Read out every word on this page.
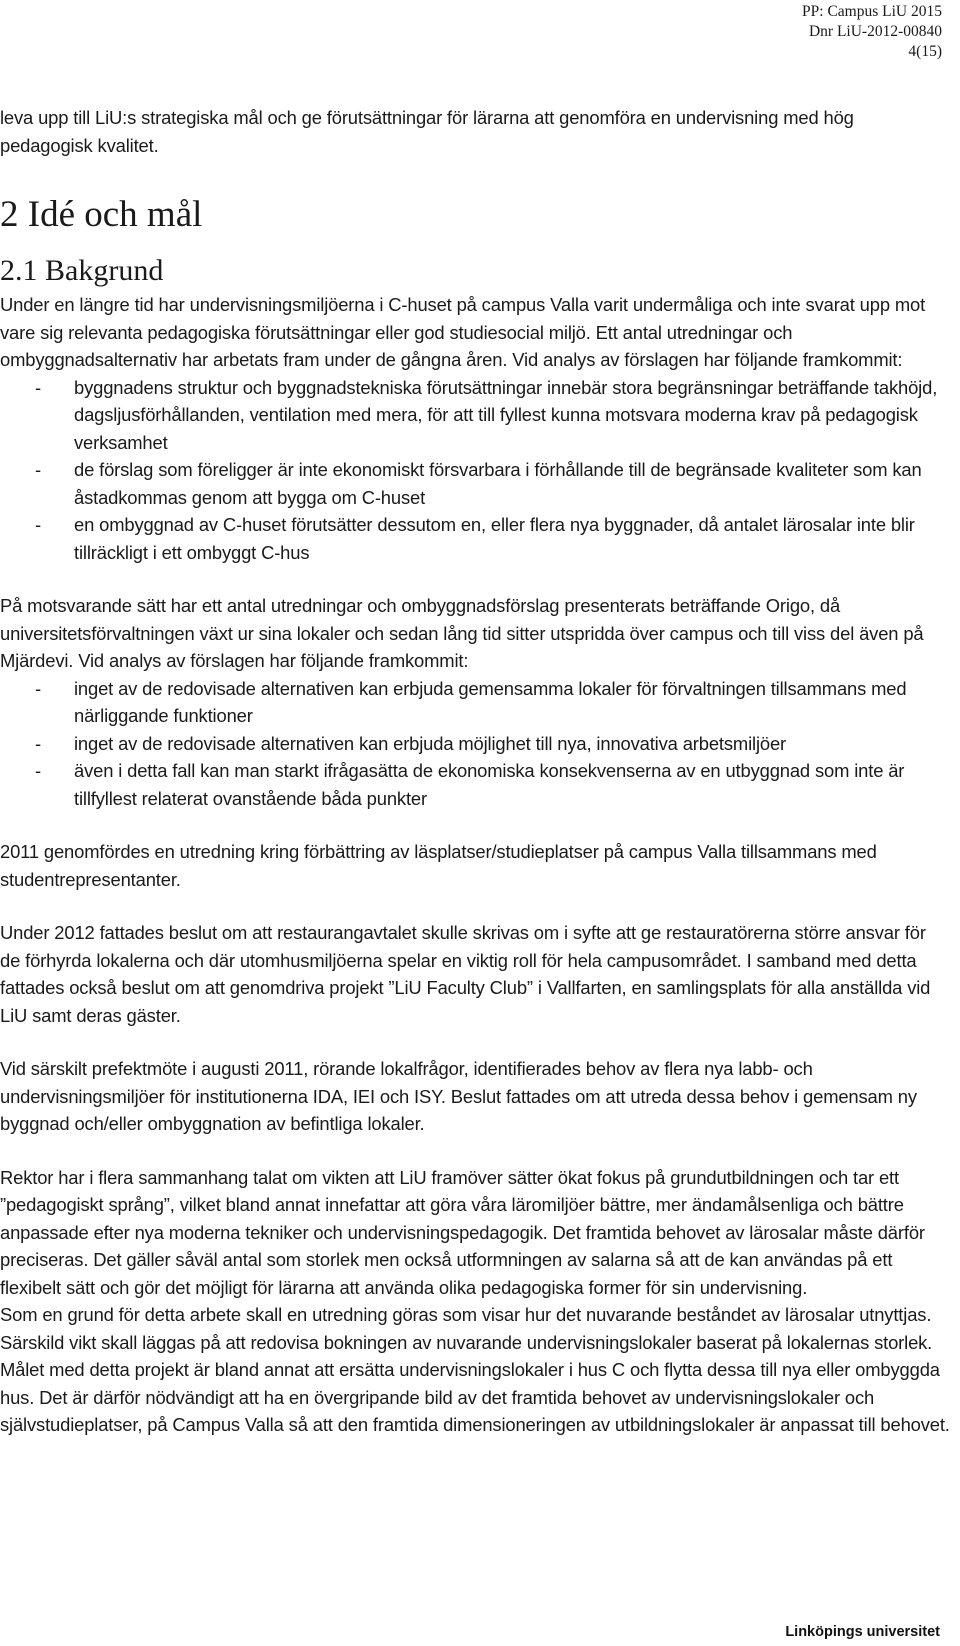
PP: Campus LiU 2015
Dnr LiU-2012-00840
4(15)

leva upp till LiU:s strategiska mål och ge förutsättningar för lärarna att genomföra en undervisning med hög pedagogisk kvalitet.

2 Idé och mål
2.1 Bakgrund

Under en längre tid har undervisningsmiljöerna i C-huset på campus Valla varit undermåliga och inte svarat upp mot vare sig relevanta pedagogiska förutsättningar eller god studiesocial miljö. Ett antal utredningar och ombyggnadsalternativ har arbetats fram under de gångna åren. Vid analys av förslagen har följande framkommit:

- byggnadens struktur och byggnadstekniska förutsättningar innebär stora begränsningar beträffande takhöjd, dagsljusförhållanden, ventilation med mera, för att till fyllest kunna motsvara moderna krav på pedagogisk verksamhet
- de förslag som föreligger är inte ekonomiskt försvarbara i förhållande till de begränsade kvaliteter som kan åstadkommas genom att bygga om C-huset
- en ombyggnad av C-huset förutsätter dessutom en, eller flera nya byggnader, då antalet lärosalar inte blir tillräckligt i ett ombyggt C-hus

På motsvarande sätt har ett antal utredningar och ombyggnadsförslag presenterats beträffande Origo, då universitetsförvaltningen växt ur sina lokaler och sedan lång tid sitter utspridda över campus och till viss del även på Mjärdevi. Vid analys av förslagen har följande framkommit:

- inget av de redovisade alternativen kan erbjuda gemensamma lokaler för förvaltningen tillsammans med närliggande funktioner
- inget av de redovisade alternativen kan erbjuda möjlighet till nya, innovativa arbetsmiljöer
- även i detta fall kan man starkt ifrågasätta de ekonomiska konsekvenserna av en utbyggnad som inte är tillfyllest relaterat ovanstående båda punkter

2011 genomfördes en utredning kring förbättring av läsplatser/studieplatser på campus Valla tillsammans med studentrepresentanter.

Under 2012 fattades beslut om att restaurangavtalet skulle skrivas om i syfte att ge restauratörerna större ansvar för de förhyrda lokalerna och där utomhusmiljöerna spelar en viktig roll för hela campusområdet. I samband med detta fattades också beslut om att genomdriva projekt ”LiU Faculty Club” i Vallfarten, en samlingsplats för alla anställda vid LiU samt deras gäster.

Vid särskilt prefektmöte i augusti 2011, rörande lokalfrågor, identifierades behov av flera nya labb- och undervisningsmiljöer för institutionerna IDA, IEI och ISY. Beslut fattades om att utreda dessa behov i gemensam ny byggnad och/eller ombyggnation av befintliga lokaler.

Rektor har i flera sammanhang talat om vikten att LiU framöver sätter ökat fokus på grundutbildningen och tar ett ”pedagogiskt språng”, vilket bland annat innefattar att göra våra läromiljöer bättre, mer ändamålsenliga och bättre anpassade efter nya moderna tekniker och undervisningspedagogik. Det framtida behovet av lärosalar måste därför preciseras. Det gäller såväl antal som storlek men också utformningen av salarna så att de kan användas på ett flexibelt sätt och gör det möjligt för lärarna att använda olika pedagogiska former för sin undervisning.

Som en grund för detta arbete skall en utredning göras som visar hur det nuvarande beståndet av lärosalar utnyttjas. Särskild vikt skall läggas på att redovisa bokningen av nuvarande undervisningslokaler baserat på lokalernas storlek. Målet med detta projekt är bland annat att ersätta undervisningslokaler i hus C och flytta dessa till nya eller ombyggda hus. Det är därför nödvändigt att ha en övergripande bild av det framtida behovet av undervisningslokaler och självstudieplatser, på Campus Valla så att den framtida dimensioneringen av utbildningslokaler är anpassat till behovet.

Linköpings universitet
